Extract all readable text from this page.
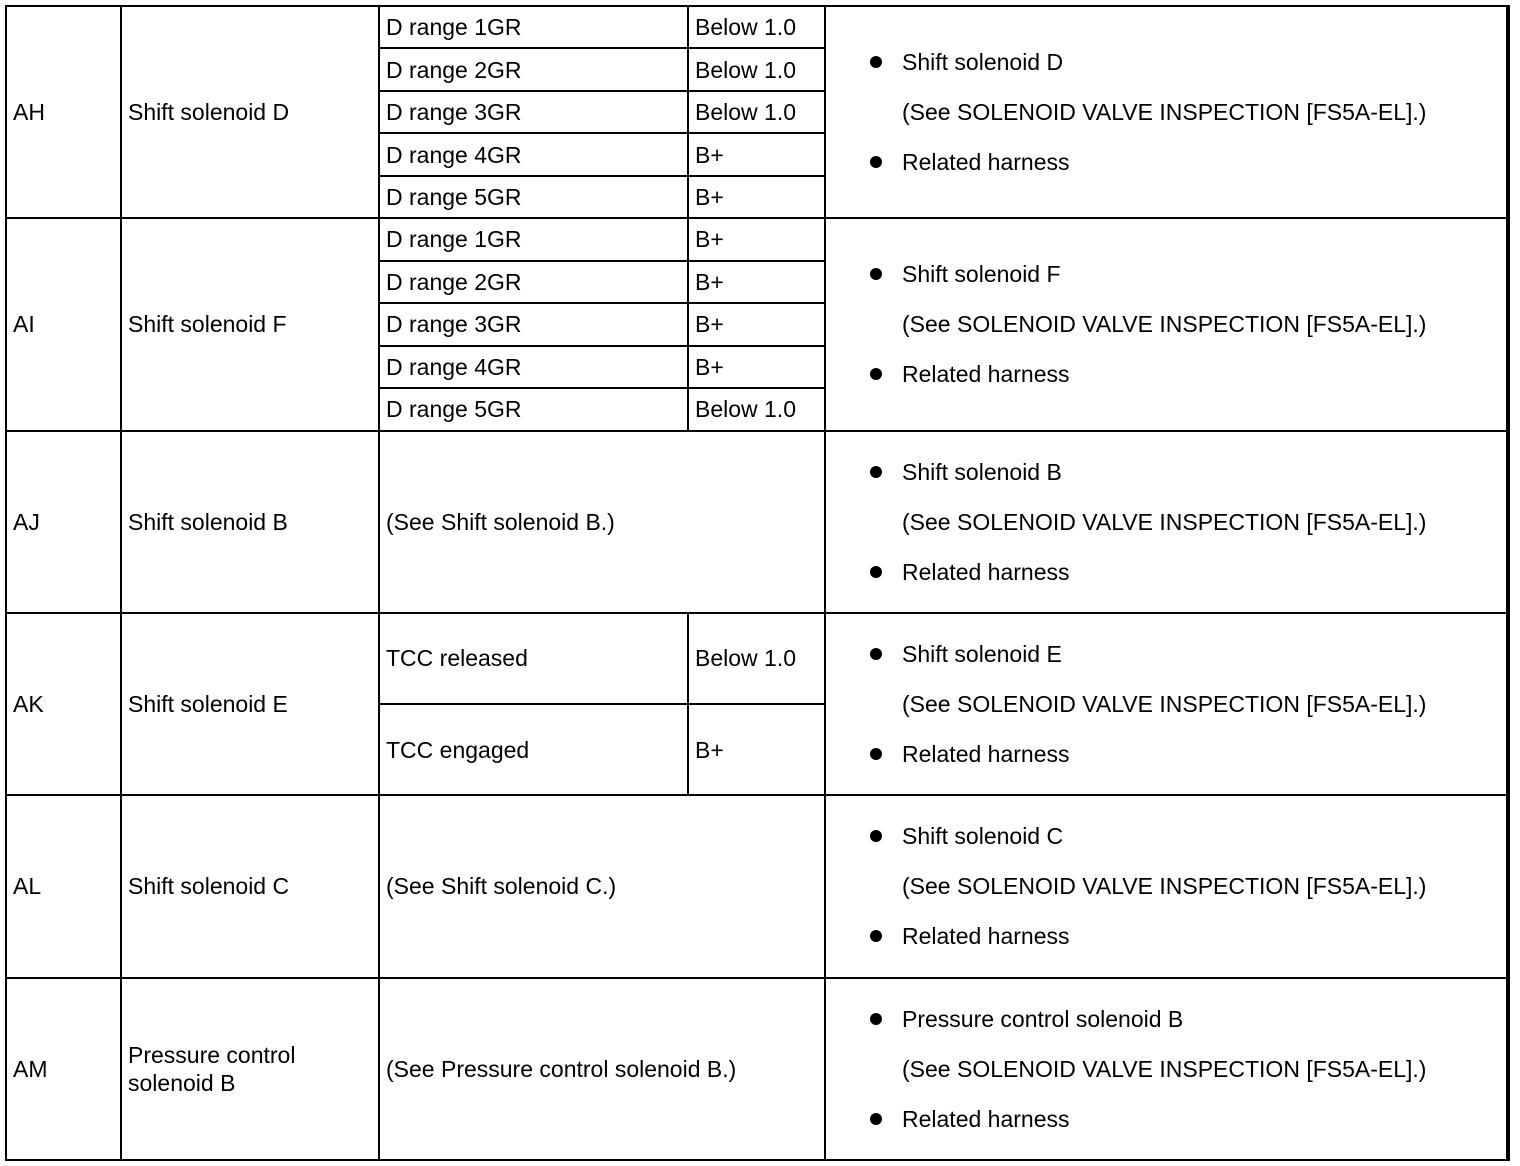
AH	Shift solenoid D	D range 1GR	Below 1.0	Shift solenoid D
(See SOLENOID VALVE INSPECTION [FS5A-EL].)
Related harness

		D range 2GR	Below 1.0	
		D range 3GR	Below 1.0	
		D range 4GR	B+	
		D range 5GR	B+	
AI	Shift solenoid F	D range 1GR	B+	Shift solenoid F
(See SOLENOID VALVE INSPECTION [FS5A-EL].)
Related harness

		D range 2GR	B+	
		D range 3GR	B+	
		D range 4GR	B+	
		D range 5GR	Below 1.0	
AJ	Shift solenoid B	(See Shift solenoid B.)		Shift solenoid B
(See SOLENOID VALVE INSPECTION [FS5A-EL].)
Related harness

AK	Shift solenoid E	TCC released	Below 1.0	Shift solenoid E
(See SOLENOID VALVE INSPECTION [FS5A-EL].)
Related harness

		TCC engaged	B+	
AL	Shift solenoid C	(See Shift solenoid C.)		Shift solenoid C
(See SOLENOID VALVE INSPECTION [FS5A-EL].)
Related harness

AM	Pressure control solenoid B	(See Pressure control solenoid B.)		Pressure control solenoid B
(See SOLENOID VALVE INSPECTION [FS5A-EL].)
Related harness
